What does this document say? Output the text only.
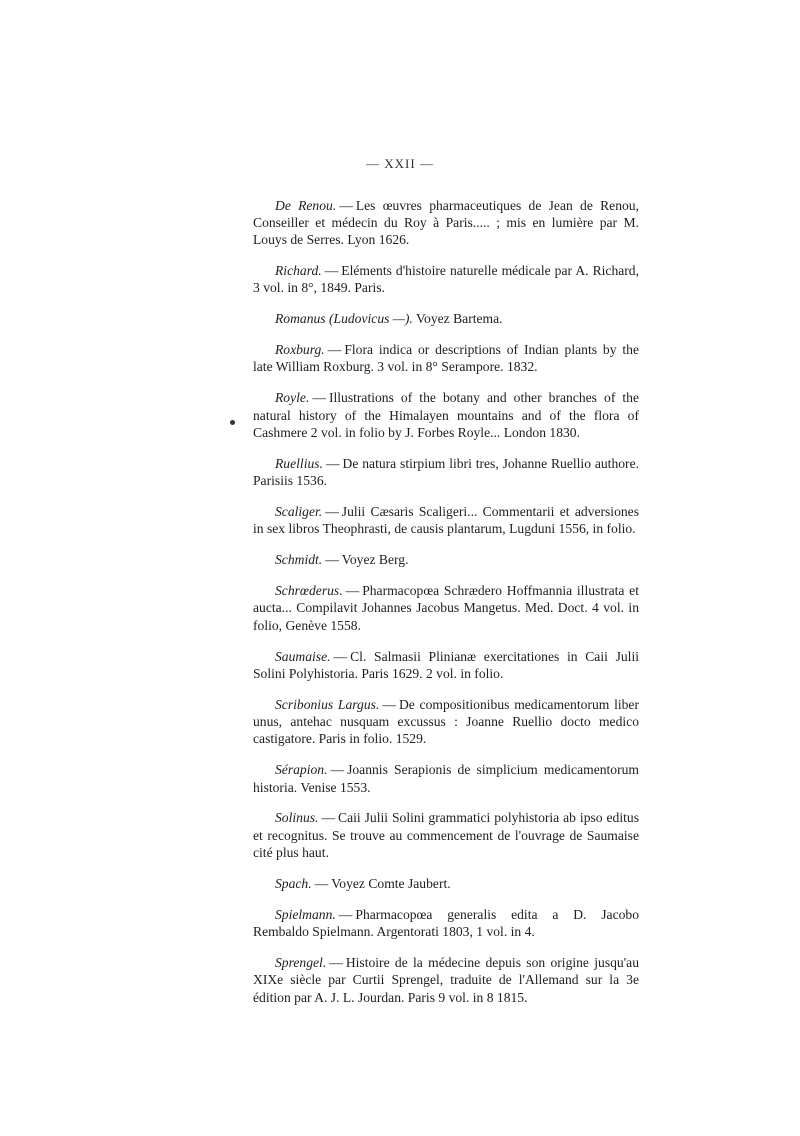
— XXII —

De Renou. — Les œuvres pharmaceutiques de Jean de Renou, Conseiller et médecin du Roy à Paris..... ; mis en lumière par M. Louys de Serres. Lyon 1626.

Richard. — Eléments d'histoire naturelle médicale par A. Richard, 3 vol. in 8°, 1849. Paris.

Romanus (Ludovicus —). Voyez Bartema.

Roxburg. — Flora indica or descriptions of Indian plants by the late William Roxburg. 3 vol. in 8° Serampore. 1832.

Royle. — Illustrations of the botany and other branches of the natural history of the Himalayen mountains and of the flora of Cashmere 2 vol. in folio by J. Forbes Royle... London 1830.

Ruellius. — De natura stirpium libri tres, Johanne Ruellio authore. Parisiis 1536.

Scaliger. — Julii Cæsaris Scaligeri... Commentarii et adversiones in sex libros Theophrasti, de causis plantarum, Lugduni 1556, in folio.

Schmidt. — Voyez Berg.

Schrœderus. — Pharmacopœa Schrædero Hoffmannia illustrata et aucta... Compilavit Johannes Jacobus Mangetus. Med. Doct. 4 vol. in folio, Genève 1558.

Saumaise. — Cl. Salmasii Plinianæ exercitationes in Caii Julii Solini Polyhistoria. Paris 1629. 2 vol. in folio.

Scribonius Largus. — De compositionibus medicamentorum liber unus, antehac nusquam excussus : Joanne Ruellio docto medico castigatore. Paris in folio. 1529.

Sérapion. — Joannis Serapionis de simplicium medicamentorum historia. Venise 1553.

Solinus. — Caii Julii Solini grammatici polyhistoria ab ipso editus et recognitus. Se trouve au commencement de l'ouvrage de Saumaise cité plus haut.

Spach. — Voyez Comte Jaubert.

Spielmann. — Pharmacopœa generalis edita a D. Jacobo Rembaldo Spielmann. Argentorati 1803, 1 vol. in 4.

Sprengel. — Histoire de la médecine depuis son origine jusqu'au XIXe siècle par Curtii Sprengel, traduite de l'Allemand sur la 3e édition par A. J. L. Jourdan. Paris 9 vol. in 8 1815.
